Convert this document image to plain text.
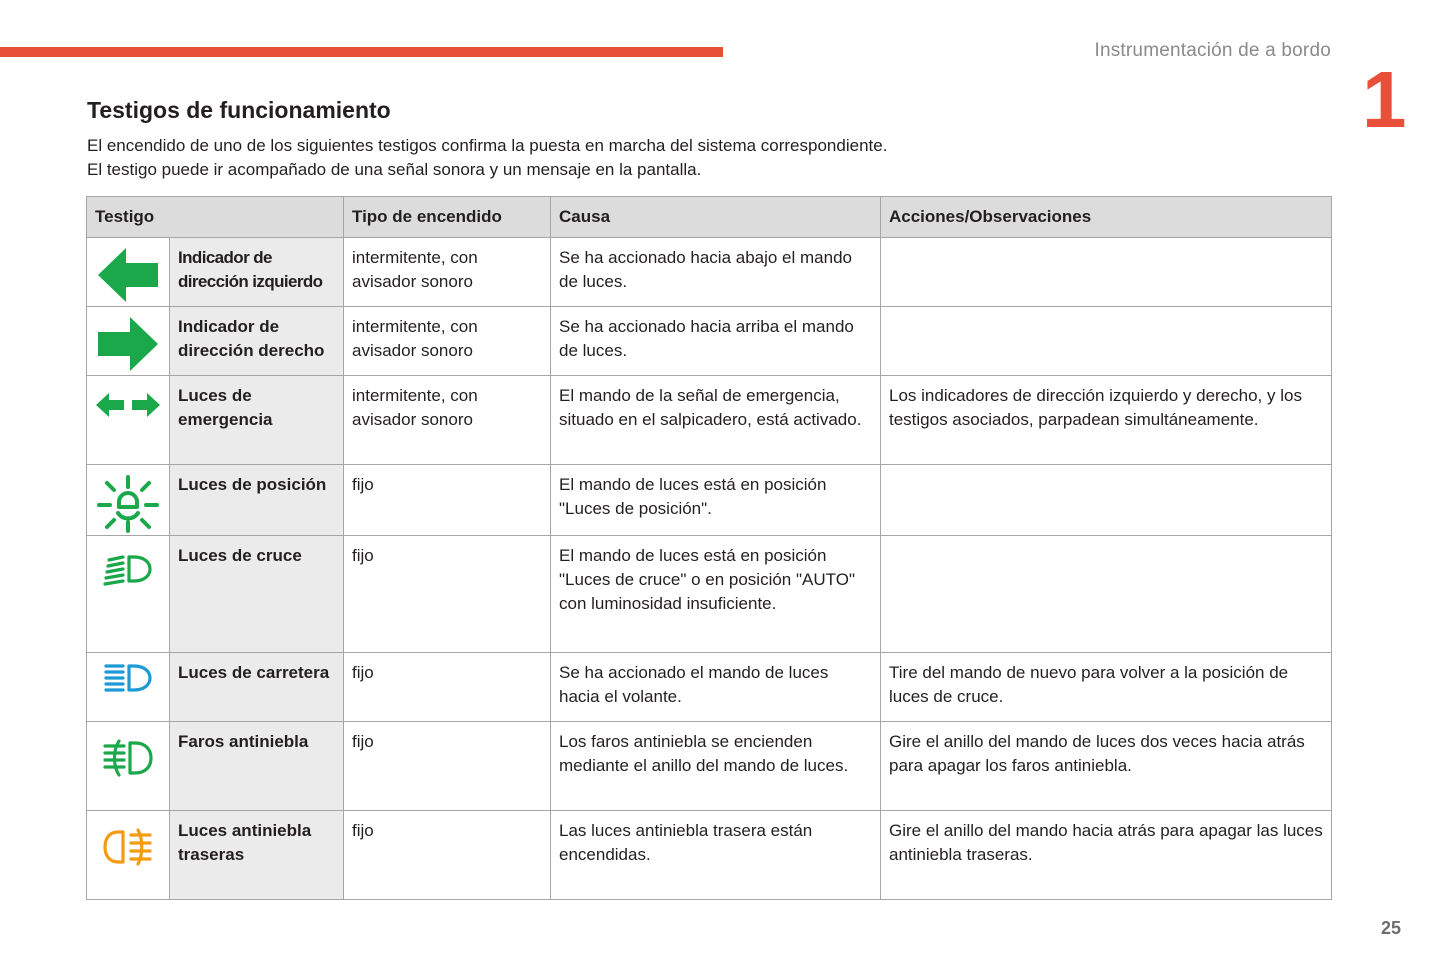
Instrumentación de a bordo
1
Testigos de funcionamiento

El encendido de uno de los siguientes testigos confirma la puesta en marcha del sistema correspondiente.

El testigo puede ir acompañado de una señal sonora y un mensaje en la pantalla.

Testigo		Tipo de encendido	Causa	Acciones/Observaciones

	Indicador de dirección izquierdo	intermitente, con avisador sonoro	Se ha accionado hacia abajo el mando de luces.	

	Indicador de dirección derecho	intermitente, con avisador sonoro	Se ha accionado hacia arriba el mando de luces.	

	Luces de emergencia	intermitente, con avisador sonoro	El mando de la señal de emergencia, situado en el salpicadero, está activado.	Los indicadores de dirección izquierdo y derecho, y los testigos asociados, parpadean simultáneamente.

	Luces de posición	fijo	El mando de luces está en posición "Luces de posición".	

	Luces de cruce	fijo	El mando de luces está en posición "Luces de cruce" o en posición "AUTO" con luminosidad insuficiente.	

	Luces de carretera	fijo	Se ha accionado el mando de luces hacia el volante.	Tire del mando de nuevo para volver a la posición de luces de cruce.

	Faros antiniebla	fijo	Los faros antiniebla se encienden mediante el anillo del mando de luces.	Gire el anillo del mando de luces dos veces hacia atrás para apagar los faros antiniebla.

	Luces antiniebla traseras	fijo	Las luces antiniebla trasera están encendidas.	Gire el anillo del mando hacia atrás para apagar las luces antiniebla traseras.
25
